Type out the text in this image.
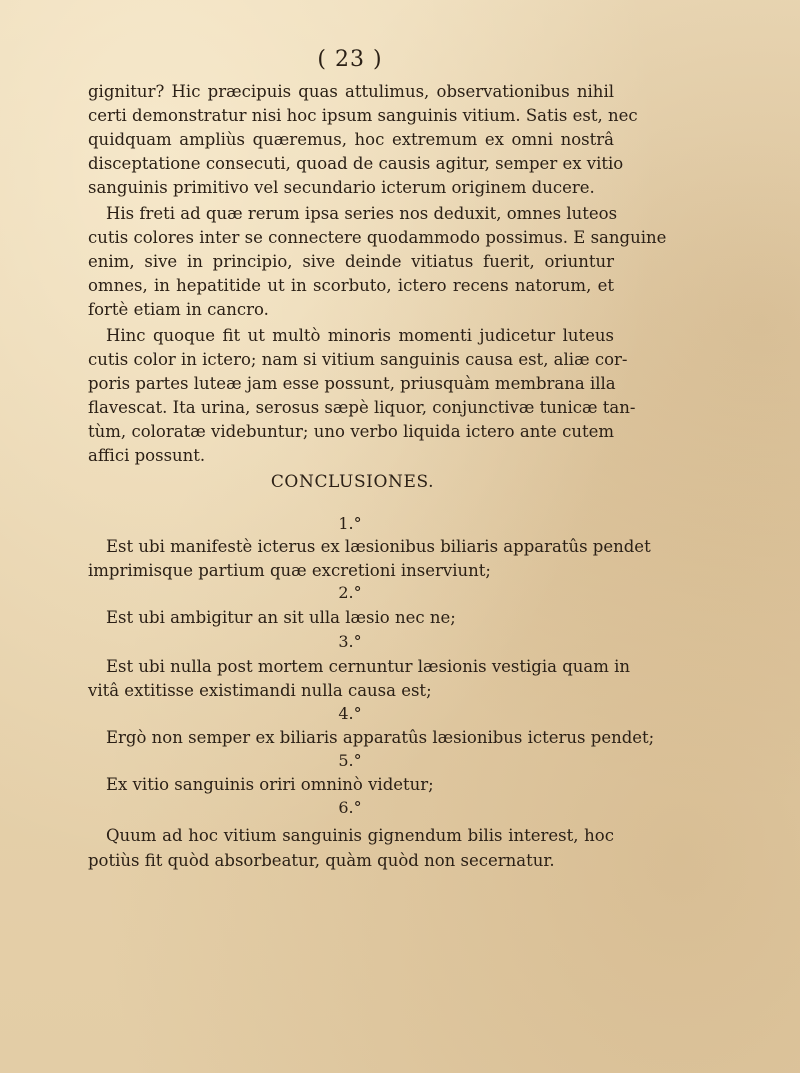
( 23 )
gignitur? Hic præcipuis quas attulimus, observationibus nihil
certi demonstratur nisi hoc ipsum sanguinis vitium. Satis est, nec
quidquam ampliùs quæremus, hoc extremum ex omni nostrâ
disceptatione consecuti, quoad de causis agitur, semper ex vitio
sanguinis primitivo vel secundario icterum originem ducere.
His freti ad quæ rerum ipsa series nos deduxit, omnes luteos
cutis colores inter se connectere quodammodo possimus. E sanguine
enim, sive in principio, sive deinde vitiatus fuerit, oriuntur
omnes, in hepatitide ut in scorbuto, ictero recens natorum, et
fortè etiam in cancro.
Hinc quoque fit ut multò minoris momenti judicetur luteus
cutis color in ictero; nam si vitium sanguinis causa est, aliæ cor-
poris partes luteæ jam esse possunt, priusquàm membrana illa
flavescat. Ita urina, serosus sæpè liquor, conjunctivæ tunicæ tan-
tùm, coloratæ videbuntur; uno verbo liquida ictero ante cutem
affici possunt.
CONCLUSIONES.
1.°
Est ubi manifestè icterus ex læsionibus biliaris apparatûs pendet
imprimisque partium quæ excretioni inserviunt;
2.°
Est ubi ambigitur an sit ulla læsio nec ne;
3.°
Est ubi nulla post mortem cernuntur læsionis vestigia quam in
vitâ extitisse existimandi nulla causa est;
4.°
Ergò non semper ex biliaris apparatûs læsionibus icterus pendet;
5.°
Ex vitio sanguinis oriri omninò videtur;
6.°
Quum ad hoc vitium sanguinis gignendum bilis interest, hoc
potiùs fit quòd absorbeatur, quàm quòd non secernatur.
